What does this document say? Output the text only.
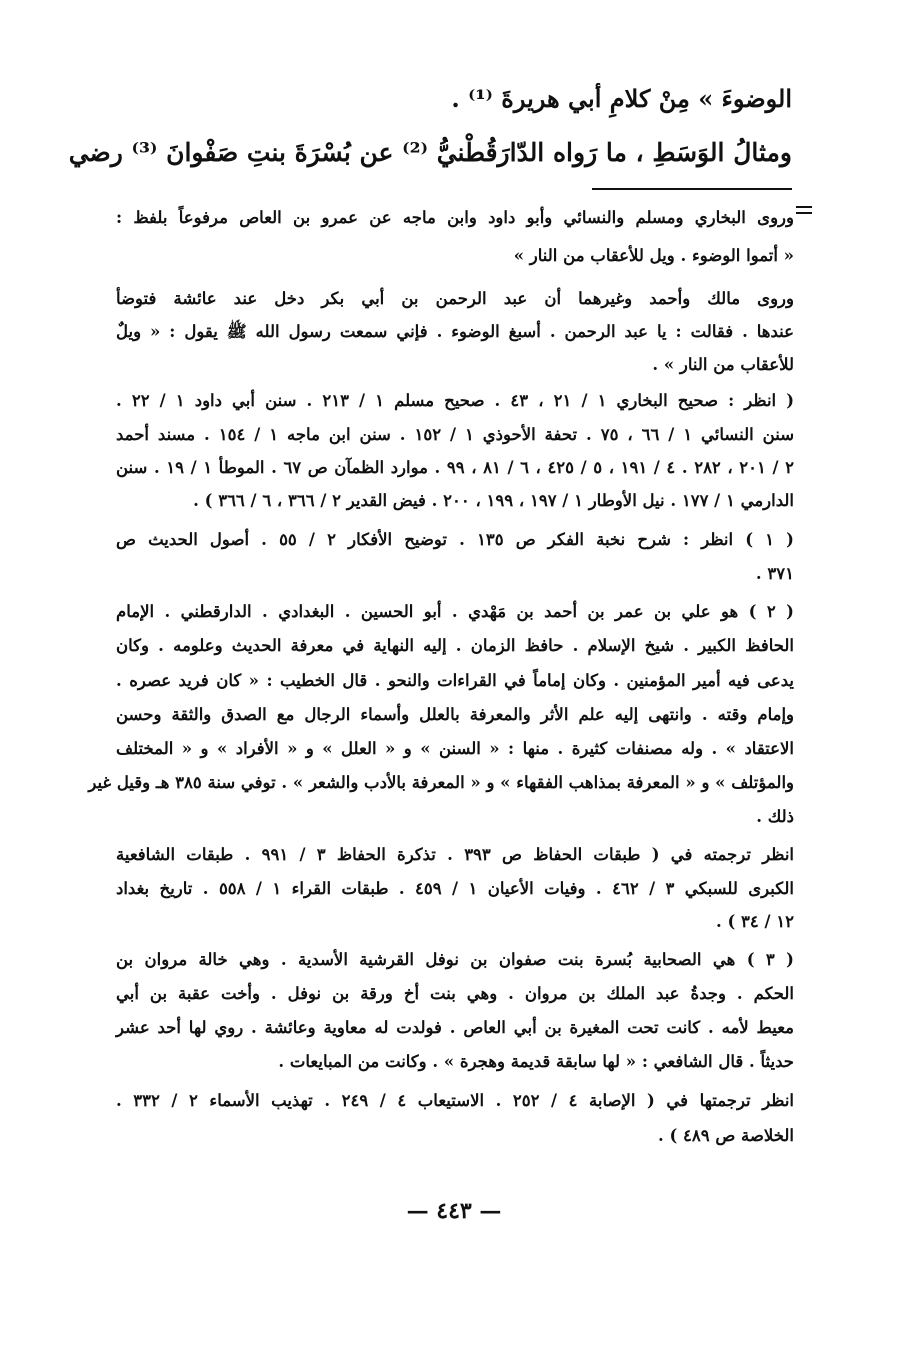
الوضوءَ » مِنْ كلامِ أبي هريرةَ ⁽¹⁾ .
ومثالُ الوَسَطِ ، ما رَواه الدّارَقُطْنيُّ ⁽²⁾ عن بُسْرَةَ بنتِ صَفْوانَ ⁽³⁾ رضي
وروى البخاري ومسلم والنسائي وأبو داود وابن ماجه عن عمرو بن العاص مرفوعاً بلفظ :
« أتموا الوضوء . ويل للأعقاب من النار »
وروى مالك وأحمد وغيرهما أن عبد الرحمن بن أبي بكر دخل عند عائشة فتوضأ
عندها . فقالت : يا عبد الرحمن . أسبغ الوضوء . فإني سمعت رسول الله ﷺ يقول : « ويلٌ
للأعقاب من النار » .
( انظر : صحيح البخاري ١ / ٢١ ، ٤٣ . صحيح مسلم ١ / ٢١٣ . سنن أبي داود ١ / ٢٢ .
سنن النسائي ١ / ٦٦ ، ٧٥ . تحفة الأحوذي ١ / ١٥٢ . سنن ابن ماجه ١ / ١٥٤ . مسند أحمد
٢ / ٢٠١ ، ٢٨٢ . ٤ / ١٩١ ، ٥ / ٤٢٥ ، ٦ / ٨١ ، ٩٩ . موارد الظمآن ص ٦٧ . الموطأ ١ / ١٩ . سنن
الدارمي ١ / ١٧٧ . نيل الأوطار ١ / ١٩٧ ، ١٩٩ ، ٢٠٠ . فيض القدير ٢ / ٣٦٦ ، ٦ / ٣٦٦ ) .
( ١ ) انظر : شرح نخبة الفكر ص ١٣٥ . توضيح الأفكار ٢ / ٥٥ . أصول الحديث ص
٣٧١ .
( ٢ ) هو علي بن عمر بن أحمد بن مَهْدي . أبو الحسين . البغدادي . الدارقطني . الإمام
الحافظ الكبير . شيخ الإسلام . حافظ الزمان . إليه النهاية في معرفة الحديث وعلومه . وكان
يدعى فيه أمير المؤمنين . وكان إماماً في القراءات والنحو . قال الخطيب : « كان فريد عصره .
وإمام وقته . وانتهى إليه علم الأثر والمعرفة بالعلل وأسماء الرجال مع الصدق والثقة وحسن
الاعتقاد » . وله مصنفات كثيرة . منها : « السنن » و « العلل » و « الأفراد » و « المختلف
والمؤتلف » و « المعرفة بمذاهب الفقهاء » و « المعرفة بالأدب والشعر » . توفي سنة ٣٨٥ هـ وقيل غير
ذلك .
انظر ترجمته في ( طبقات الحفاظ ص ٣٩٣ . تذكرة الحفاظ ٣ / ٩٩١ . طبقات الشافعية
الكبرى للسبكي ٣ / ٤٦٢ . وفيات الأعيان ١ / ٤٥٩ . طبقات القراء ١ / ٥٥٨ . تاريخ بغداد
١٢ / ٣٤ ) .
( ٣ ) هي الصحابية بُسرة بنت صفوان بن نوفل القرشية الأسدية . وهي خالة مروان بن
الحكم . وجدةُ عبد الملك بن مروان . وهي بنت أخ ورقة بن نوفل . وأخت عقبة بن أبي
معيط لأمه . كانت تحت المغيرة بن أبي العاص . فولدت له معاوية وعائشة . روي لها أحد عشر
حديثاً . قال الشافعي : « لها سابقة قديمة وهجرة » . وكانت من المبايعات .
انظر ترجمتها في ( الإصابة ٤ / ٢٥٢ . الاستيعاب ٤ / ٢٤٩ . تهذيب الأسماء ٢ / ٣٣٢ .
الخلاصة ص ٤٨٩ ) .
— ٤٤٣ —
